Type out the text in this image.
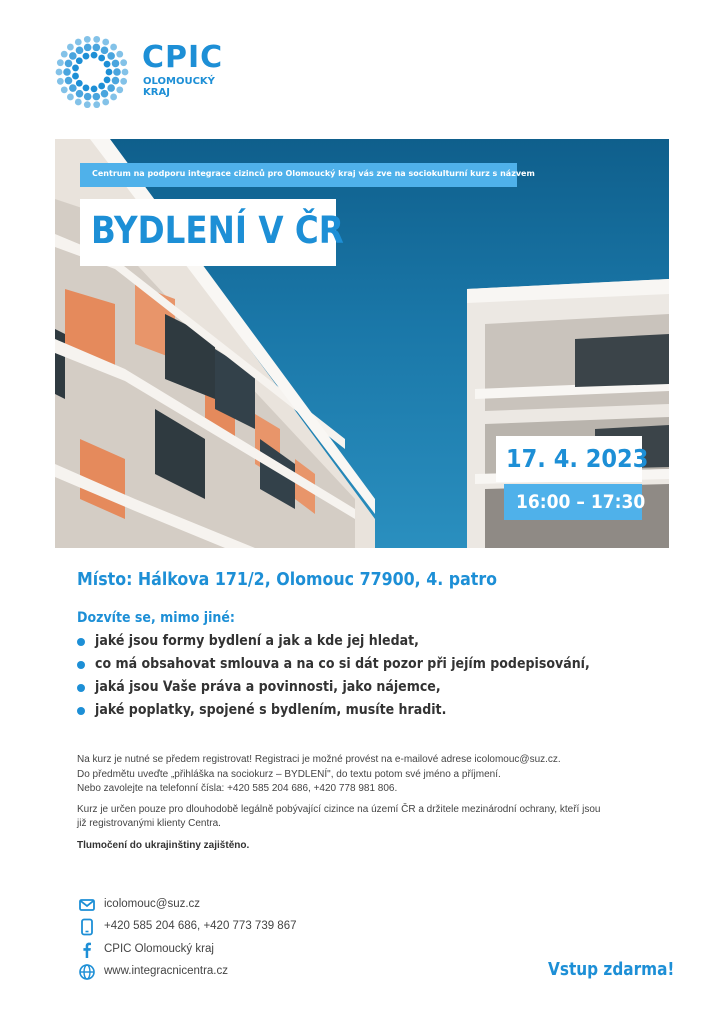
CPIC
OLOMOUCKÝ
KRAJ
Centrum na podporu integrace cizinců pro Olomoucký kraj vás zve na sociokulturní kurz s názvem
BYDLENÍ V ČR
17. 4. 2023
16:00 – 17:30
Místo: Hálkova 171/2, Olomouc 77900, 4. patro
Dozvíte se, mimo jiné:
jaké jsou formy bydlení a jak a kde jej hledat,
co má obsahovat smlouva a na co si dát pozor při jejím podepisování,
jaká jsou Vaše práva a povinnosti, jako nájemce,
jaké poplatky, spojené s bydlením, musíte hradit.
Na kurz je nutné se předem registrovat! Registraci je možné provést na e-mailové adrese icolomouc@suz.cz.
Do předmětu uveďte „přihláška na sociokurz – BYDLENÍ", do textu potom své jméno a příjmení.
Nebo zavolejte na telefonní čísla: +420 585 204 686, +420 778 981 806.
Kurz je určen pouze pro dlouhodobě legálně pobývající cizince na území ČR a držitele mezinárodní ochrany, kteří jsou
již registrovanými klienty Centra.
Tlumočení do ukrajinštiny zajištěno.
icolomouc@suz.cz
+420 585 204 686, +420 773 739 867
CPIC Olomoucký kraj
www.integracnicentra.cz	Vstup zdarma!
